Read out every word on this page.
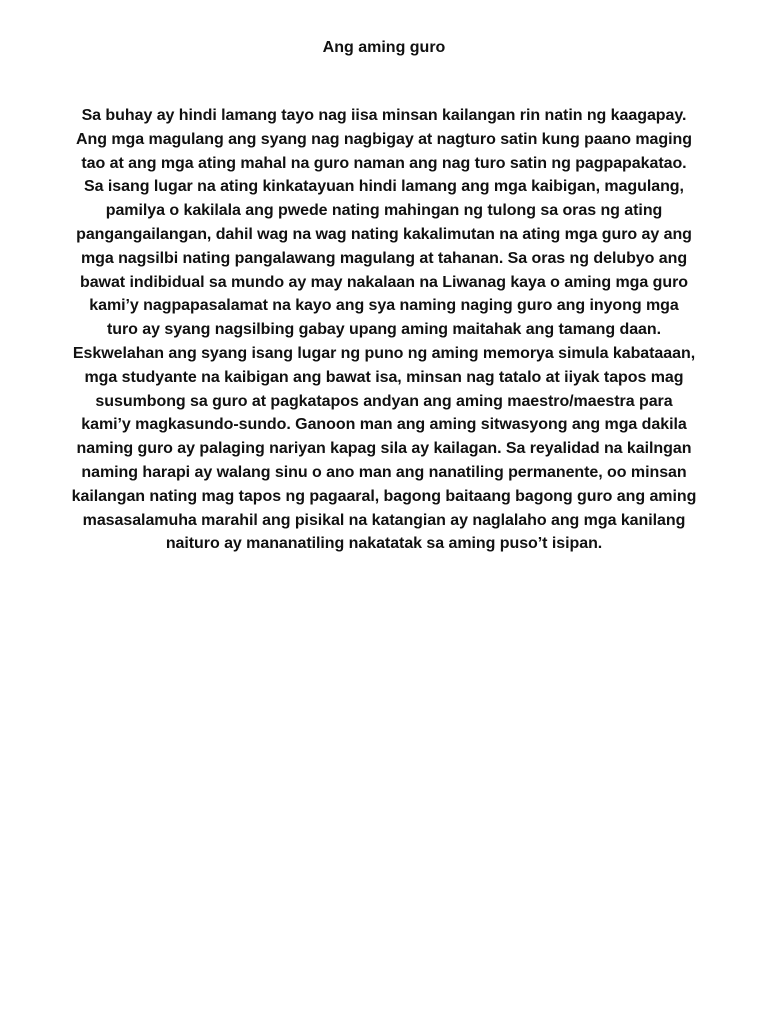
Ang aming guro
Sa buhay ay hindi lamang tayo nag iisa minsan kailangan rin natin ng kaagapay.
Ang mga magulang ang syang nag nagbigay at nagturo satin kung paano maging
tao at ang mga ating mahal na guro naman ang nag turo satin ng pagpapakatao.
Sa isang lugar na ating kinkatayuan hindi lamang ang mga kaibigan, magulang,
pamilya o kakilala ang pwede nating mahingan ng tulong sa oras ng ating
pangangailangan, dahil wag na wag nating kakalimutan na ating mga guro ay ang
mga nagsilbi nating pangalawang magulang at tahanan. Sa oras ng delubyo ang
bawat indibidual sa mundo ay may nakalaan na Liwanag kaya o aming mga guro
kami’y nagpapasalamat na kayo ang sya naming naging guro ang inyong mga
turo ay syang nagsilbing gabay upang aming maitahak ang tamang daan.
Eskwelahan ang syang isang lugar ng puno ng aming memorya simula kabataaan,
mga studyante na kaibigan ang bawat isa, minsan nag tatalo at iiyak tapos mag
susumbong sa guro at pagkatapos andyan ang aming maestro/maestra para
kami’y magkasundo-sundo. Ganoon man ang aming sitwasyong ang mga dakila
naming guro ay palaging nariyan kapag sila ay kailagan. Sa reyalidad na kailngan
naming harapi ay walang sinu o ano man ang nanatiling permanente, oo minsan
kailangan nating mag tapos ng pagaaral, bagong baitaang bagong guro ang aming
masasalamuha marahil ang pisikal na katangian ay naglalaho ang mga kanilang
naituro ay mananatiling nakatatak sa aming puso’t isipan.
